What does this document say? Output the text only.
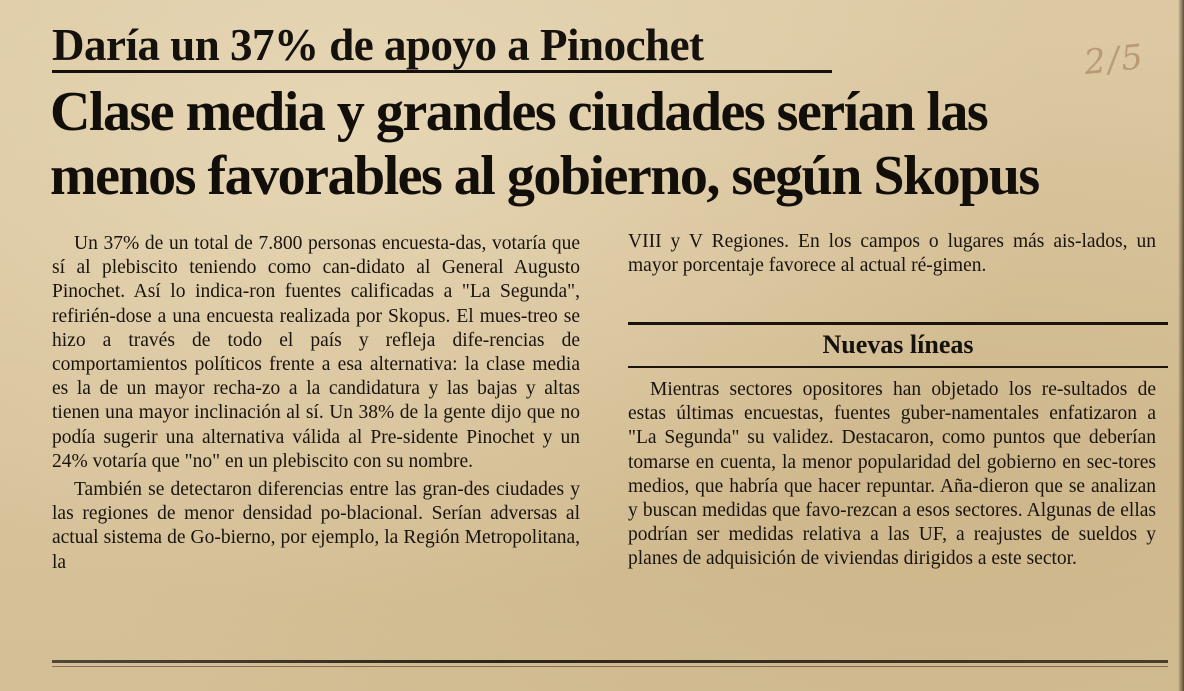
Daría un 37% de apoyo a Pinochet	2/5
Clase media y grandes ciudades serían las
menos favorables al gobierno, según Skopus

Un 37% de un total de 7.800 personas encuesta-das, votaría que sí al plebiscito teniendo como can-didato al General Augusto Pinochet. Así lo indica-ron fuentes calificadas a "La Segunda", refirién-dose a una encuesta realizada por Skopus. El mues-treo se hizo a través de todo el país y refleja dife-rencias de comportamientos políticos frente a esa alternativa: la clase media es la de un mayor recha-zo a la candidatura y las bajas y altas tienen una mayor inclinación al sí. Un 38% de la gente dijo que no podía sugerir una alternativa válida al Pre-sidente Pinochet y un 24% votaría que "no" en un plebiscito con su nombre.

También se detectaron diferencias entre las gran-des ciudades y las regiones de menor densidad po-blacional. Serían adversas al actual sistema de Go-bierno, por ejemplo, la Región Metropolitana, la

VIII y V Regiones. En los campos o lugares más ais-lados, un mayor porcentaje favorece al actual ré-gimen.

Nuevas líneas

Mientras sectores opositores han objetado los re-sultados de estas últimas encuestas, fuentes guber-namentales enfatizaron a "La Segunda" su validez. Destacaron, como puntos que deberían tomarse en cuenta, la menor popularidad del gobierno en sec-tores medios, que habría que hacer repuntar. Aña-dieron que se analizan y buscan medidas que favo-rezcan a esos sectores. Algunas de ellas podrían ser medidas relativa a las UF, a reajustes de sueldos y planes de adquisición de viviendas dirigidos a este sector.
